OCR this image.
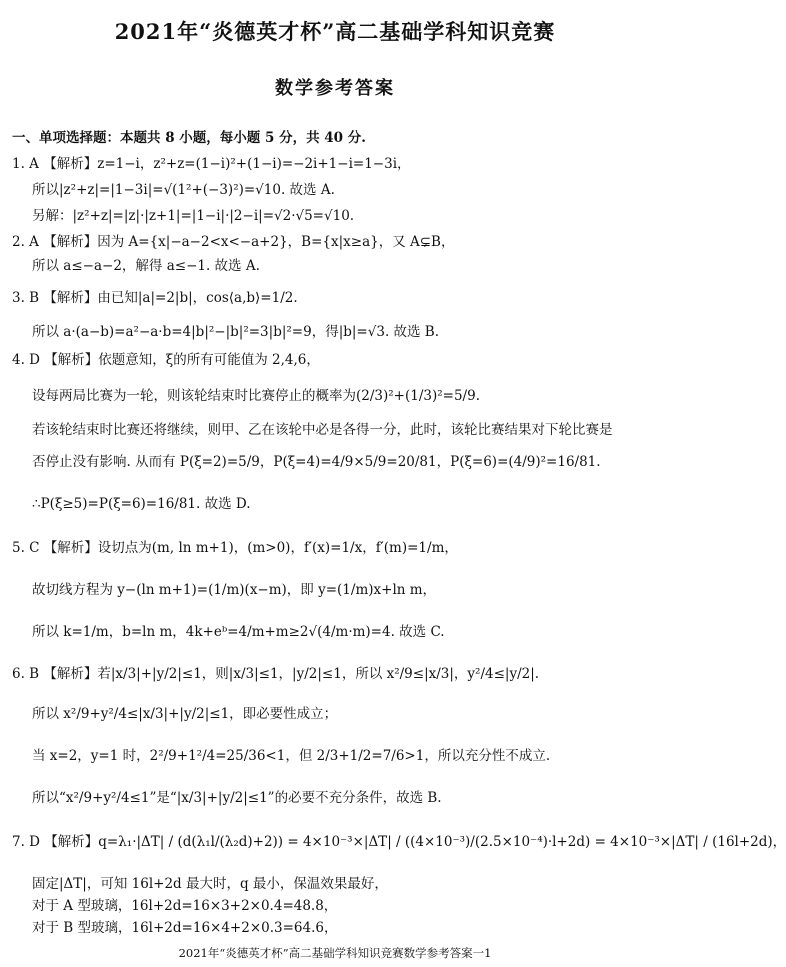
2021年“炎德英才杯”高二基础学科知识竞赛
数学参考答案
一、单项选择题：本题共 8 小题，每小题 5 分，共 40 分.
1. A 【解析】z=1−i，z²+z=(1−i)²+(1−i)=−2i+1−i=1−3i，
所以|z²+z|=|1−3i|=√(1²+(−3)²)=√10. 故选 A.
另解：|z²+z|=|z|·|z+1|=|1−i|·|2−i|=√2·√5=√10.
2. A 【解析】因为 A={x|−a−2<x<−a+2}，B={x|x≥a}，又 A⊊B，
所以 a≤−a−2，解得 a≤−1. 故选 A.
3. B 【解析】由已知|a|=2|b|，cos⟨a,b⟩=1/2.
所以 a·(a−b)=a²−a·b=4|b|²−|b|²=3|b|²=9，得|b|=√3. 故选 B.
4. D 【解析】依题意知，ξ的所有可能值为 2,4,6，
设每两局比赛为一轮，则该轮结束时比赛停止的概率为(2/3)²+(1/3)²=5/9.
若该轮结束时比赛还将继续，则甲、乙在该轮中必是各得一分，此时，该轮比赛结果对下轮比赛是
否停止没有影响. 从而有 P(ξ=2)=5/9，P(ξ=4)=4/9×5/9=20/81，P(ξ=6)=(4/9)²=16/81.
∴P(ξ≥5)=P(ξ=6)=16/81. 故选 D.
5. C 【解析】设切点为(m, ln m+1)，(m>0)，f′(x)=1/x，f′(m)=1/m，
故切线方程为 y−(ln m+1)=(1/m)(x−m)，即 y=(1/m)x+ln m，
所以 k=1/m，b=ln m，4k+eᵇ=4/m+m≥2√(4/m·m)=4. 故选 C.
6. B 【解析】若|x/3|+|y/2|≤1，则|x/3|≤1，|y/2|≤1，所以 x²/9≤|x/3|，y²/4≤|y/2|.
所以 x²/9+y²/4≤|x/3|+|y/2|≤1，即必要性成立；
当 x=2，y=1 时，2²/9+1²/4=25/36<1，但 2/3+1/2=7/6>1，所以充分性不成立.
所以“x²/9+y²/4≤1”是“|x/3|+|y/2|≤1”的必要不充分条件，故选 B.
7. D 【解析】q=λ₁·|ΔT| / (d(λ₁l/(λ₂d)+2)) = 4×10⁻³×|ΔT| / ((4×10⁻³)/(2.5×10⁻⁴)·l+2d) = 4×10⁻³×|ΔT| / (16l+2d)，
固定|ΔT|，可知 16l+2d 最大时，q 最小，保温效果最好，
对于 A 型玻璃，16l+2d=16×3+2×0.4=48.8，
对于 B 型玻璃，16l+2d=16×4+2×0.3=64.6，
2021年“炎德英才杯”高二基础学科知识竞赛数学参考答案一1
